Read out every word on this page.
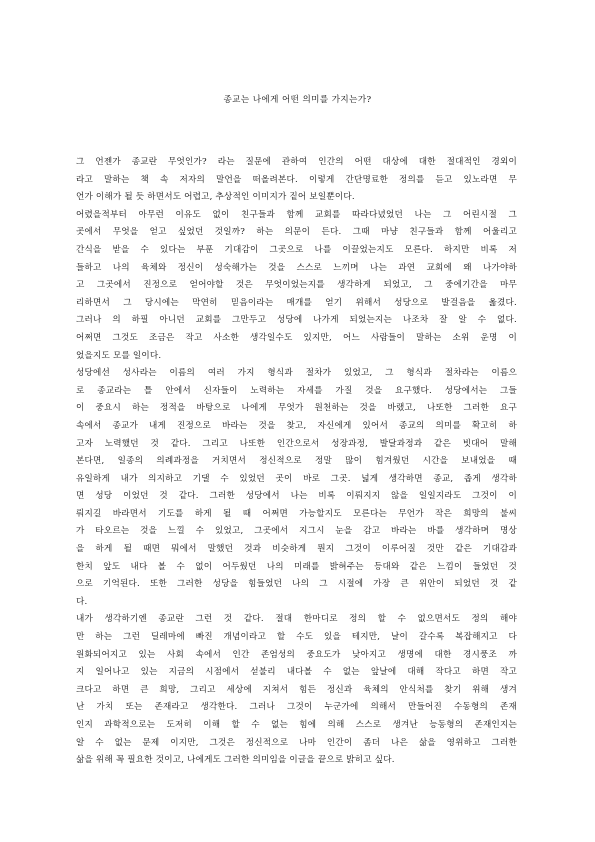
종교는 나에게 어떤 의미를 가지는가?
그 언젠가 종교란 무엇인가? 라는 질문에 관하여 인간의 어떤 대상에 대한 절대적인 경외이
라고 말하는 책 속 저자의 말언을 떠올려본다. 이렇게 간단명료한 정의를 듣고 있노라면 무
언가 이해가 될 듯 하면서도 어렵고, 추상적인 이미지가 짙어 보일뿐이다.
어렸을적부터 아무런 이유도 없이 친구들과 함께 교회를 따라다녔었던 나는 그 어린시절 그
곳에서 무엇을 얻고 싶었던 것일까? 하는 의문이 든다. 그때 마냥 친구들과 함께 어울리고
간식을 받을 수 있다는 부푼 기대감이 그곳으로 나를 이끌었는지도 모른다. 하지만 비록 저
들하고 나의 육체와 정신이 성숙해가는 것을 스스로 느끼며 나는 과연 교회에 왜 나가야하
고 그곳에서 진정으로 얻어야할 것은 무엇이었는지를 생각하게 되었고, 그 중에기간을 마무
리하면서 그 당시에는 막연히 믿음이라는 매개를 얻기 위해서 성당으로 발걸음을 옮겼다.
그러나 의 하필 아니던 교회를 그만두고 성당에 나가게 되었는지는 나조차 잘 알 수 없다.
어쩌면 그것도 조금은 작고 사소한 생각일수도 있지만, 어느 사람들이 말하는 소위 운명 이
었을지도 모를 일이다.
성당에선 성사라는 이름의 여러 가지 형식과 절차가 있었고, 그 형식과 절차라는 이름으
로 종교라는 틀 안에서 신자들이 노력하는 자세를 가질 것을 요구했다. 성당에서는 그들
이 중요시 하는 정적을 바탕으로 나에게 무엇가 원천하는 것을 바랬고, 나또한 그러한 요구
속에서 종교가 내게 진정으로 바라는 것을 찾고, 자신에게 있어서 종교의 의미를 확고히 하
고자 노력했던 것 같다. 그리고 나또한 인간으로서 성장과정, 발달과정과 같은 빗대어 말해
본다면, 일종의 의례과정을 거치면서 정신적으로 정말 많이 힘겨웠던 시간을 보내었을 때
유일하게 내가 의지하고 기댈 수 있었던 곳이 바로 그곳. 넓게 생각하면 종교, 좁게 생각하
면 성당 이었던 것 같다. 그러한 성당에서 나는 비록 이뤄지지 않을 일일지라도 그것이 이
뤄지길 바라면서 기도를 하게 될 때 어쩌면 가능할지도 모른다는 무언가 작은 희망의 불씨
가 타오르는 것을 느낄 수 있었고, 그곳에서 지그시 눈을 감고 바라는 바를 생각하며 명상
을 하게 될 때면 뭐에서 말했던 것과 비슷하게 뭔지 그것이 이루어질 것만 같은 기대감과
한치 앞도 내다 볼 수 없이 어두웠던 나의 미래를 밝혀주는 등대와 같은 느낌이 들었던 것
으로 기억된다. 또한 그러한 성당을 힘들었던 나의 그 시절에 가장 큰 위안이 되었던 것 같
다.
내가 생각하기엔 종교란 그런 것 같다. 절대 한마디로 정의 할 수 없으면서도 정의 해야
만 하는 그런 딜레마에 빠진 개념이라고 할 수도 있을 테지만, 날이 갈수록 복잡해지고 다
원화되어지고 있는 사회 속에서 인간 존엄성의 중요도가 낮아지고 생명에 대한 경시풍조 까
지 일어나고 있는 지금의 시점에서 섣불리 내다볼 수 없는 앞날에 대해 작다고 하면 작고
크다고 하면 큰 희망, 그리고 세상에 지쳐서 힘든 정신과 육체의 안식처를 찾기 위해 생겨
난 가치 또는 존재라고 생각한다. 그러나 그것이 누군가에 의해서 만들어진 수동형의 존재
인지 과학적으로는 도저히 이해 할 수 없는 힘에 의해 스스로 생겨난 능동형의 존재인지는
알 수 없는 문제 이지만, 그것은 정신적으로 나마 인간이 좀더 나은 삶을 영위하고 그러한
삶을 위해 꼭 필요한 것이고, 나에게도 그러한 의미임을 이글을 끝으로 밝히고 싶다.
